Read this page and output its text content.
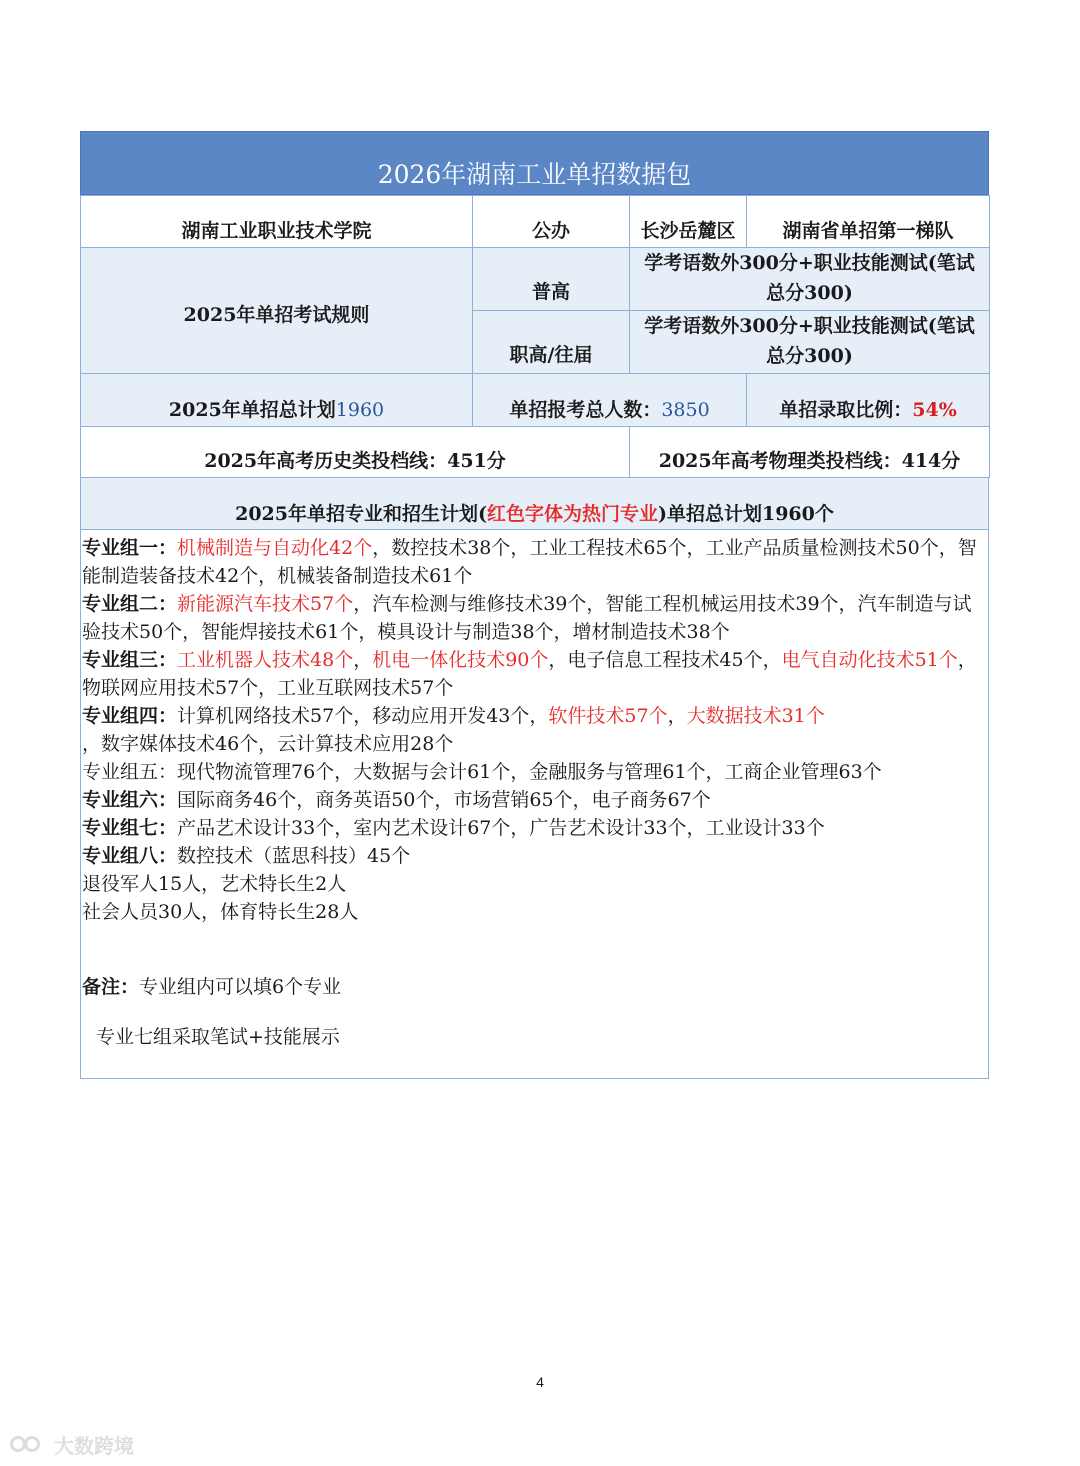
2026年湖南工业单招数据包
湖南工业职业技术学院	公办	长沙岳麓区	湖南省单招第一梯队
2025年单招考试规则	普高	学考语数外300分+职业技能测试(笔试总分300)	
	职高/往届	学考语数外300分+职业技能测试(笔试总分300)	
2025年单招总计划1960	单招报考总人数：3850		单招录取比例：54%
2025年高考历史类投档线：451分		2025年高考物理类投档线：414分	
2025年单招专业和招生计划( 红色字体为热门专业 )单招总计划1960个
专业组一：机械制造与自动化42个，数控技术38个，工业工程技术65个，工业产品质量检测技术50个，智能制造装备技术42个，机械装备制造技术61个
专业组二：新能源汽车技术57个，汽车检测与维修技术39个，智能工程机械运用技术39个，汽车制造与试验技术50个，智能焊接技术61个，模具设计与制造38个，增材制造技术38个
专业组三：工业机器人技术48个，机电一体化技术90个，电子信息工程技术45个，电气自动化技术51个，物联网应用技术57个，工业互联网技术57个
专业组四：计算机网络技术57个，移动应用开发43个，软件技术57个，大数据技术31个
，数字媒体技术46个，云计算技术应用28个
专业组五：现代物流管理76个，大数据与会计61个，金融服务与管理61个，工商企业管理63个
专业组六：国际商务46个，商务英语50个，市场营销65个，电子商务67个
专业组七：产品艺术设计33个，室内艺术设计67个，广告艺术设计33个，工业设计33个
专业组八：数控技术（蓝思科技）45个
退役军人15人，艺术特长生2人
社会人员30人，体育特长生28人
备注：专业组内可以填6个专业
专业七组采取笔试+技能展示
4
大数跨境
